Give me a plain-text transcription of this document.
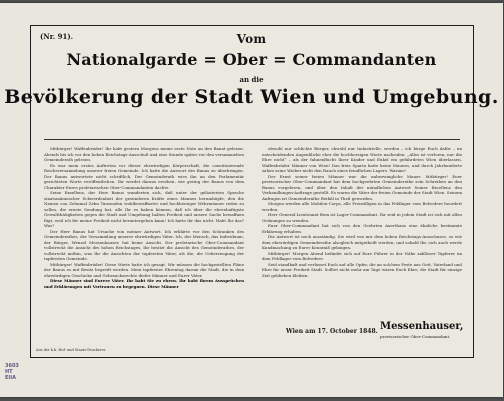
(Nr. 91).	Vom
Nationalgarde = Ober = Commandanten
an die
Bevölkerung der Stadt Wien und Umgebung.

Mitbürger! Waffenbrüder! Ihr habt gestern Morgens meine erste Note an den Banat gelesen. Abends bis ich vor den hohen Reichstags-Ausschuß und eine Stunde später vor den versammelten Gemeinderath gelesen.

Es war mein erstes Auftreten vor dieser ehrwürdigen Körperschaft, die constituierende Reichsversammlung unserer freien Gemeinde. Ich hatte die Antwort des Banus zu überbringen. Der Banus antwortete nicht schriftlich. Der Gemeinderath wies ihn an den Parlamentär gerichteten Worte veröffentlichen. Ihr werdet daraus ersehen, wie gering der Banus von dem Charakter Eures proletarischen Ober-Commandanten dachte.

Seine Exzellenz, der Herr Banus wunderten sich, daß unter der geläuterten Sprache staatsmännischer Schwerdenheit der gesünderen Kräfte eines Mannes herumhüpfe, den die Namen von Zehnmal Zehn Tausenden wohlbewaffneter und hochherziger Wehrmänner reden zu sollen, die ernste Sendung hat, alle Ihr es haben können, daß ich über die ehrenhaftigste Gewaltthätigkeiten gegen die Stadt und Umgebung halten Freiheit und unsere Sache bewaffnen fügt, weil ich für meine Freiheit nicht heruntergehen kann! Ich hatte ihr das nicht. Habt Ihr das? Was?

Der Herr Banus hat Ursache von meiner Antwort. Ich erklärte vor den Schranken des Gemeinderathes, der Versammlung unserer ehrwürdigen Väter. Ich, der Mensch, das Individuum, der Bürger, Wenzel Messenhauser, hat keine Ansicht. Der proletarische Ober-Commandant vollstreckt die Ansicht des hohen Reichstages, Ihr besitzt die Ansicht des Gemeinderathes, der vollstreckt mithin, was Ihr die Ansichten der tapfersten Väter, als die, die Ueberzeugung der tapfersten Gemeinde.

Mitbürger! Waffenbrüder! Diese Worte hatte ich gesagt. Wir müssen die hochgestellten Pläne der Banus es mit Besitz begreift werden. Mein tapferster Ehrentag darum die Stadt, die in dem ehrwürdigen Geschicke und Gebrauchsrechte diefer Männer und Eurer Väter.

Diese Männer sind Eurere Väter. Ihr habt Sie zu ehren. Ihr habt ihrem Aussprüchen und Erklärungen mit Vertrauen zu begegnen. Diese Männer

obwohl nur schlichte Bürger, obwohl nur Industrielle, werden – ich bürge Euch dafür – im entscheidenden Augenblicke eher die hochherzigen Worte nachrufen: „Alles ist verloren, nur die Ehre nicht“ – als der fahnenflucht Ihrer Kinder und Enkel ein gefährdetes Wien überlassen. Waffenbrüder Männer von Wien! Das freie Sparta hatte keine Mauern, und durch Jahrhunderte sahen seine Weiber nicht den Rauch eines feindlichen Lagers. Warum?

Der Ernst seiner freien Männer war die unbezwingliche Mauer. Mitbürger! Euer provisorischer Ober-Commandant hat dem hochgeehrten Gemeinderathe sein Schreiben an den Banus vorgelesen, und über den Inhalt der mündlichen Antwort Seiner Excellenz den Verhandlungen-Auftrage gestellt. Es waren die Väter der freien Gemeinde der Stadt Wien. Seinem Anfragen ist Gemeinderathe Beifall in Theil geworden.

Morgen werden alle Mobilen-Corps, alle Freiwilligen in das Feldlager vom Belvedere beordert werden.

Herr General-Lieutenant Bem ist Lager-Commandant. Ihr seid in jedem Stadt ist sich mit allen Ordnungen zu wenden.

Euer Ober-Commandant hat sich von den Geehrten Auerthaus eine ähnliche bestimmte Erklärung erhalten.

Die Antwort ist noch ausständig. Sie wird von mir dem hohen Reichstags-Ausschusse, so wie dem ehrwürdigen Gemeinderathe alsogleich mitgetheilt werden, und sobald Ihr, sich auch werde Kundmachung zu Eurer Kenntniß gelangen.

Mitbürger! Morgen Abend befindet sich auf Eure Führer in der Nähe zahlloser Tapferer im dem Feldlager vom Belvedere.

Seid standhaft und verlasset Euch auf alle Opfer, die an solchem Feste aus Gott, Vaterland und Ehre für unser Freiheit Stadt. Solltet nicht mehr am Tage wären Euch Ehre, die Stadt für einzige Zeit geblieben bleiben.

Wien am 17. October 1848. Messenhauser,
provisorischer Ober-Commandant.
Aus der k.k. Hof- und Staats-Druckerei.
3603
HT
EIIA
